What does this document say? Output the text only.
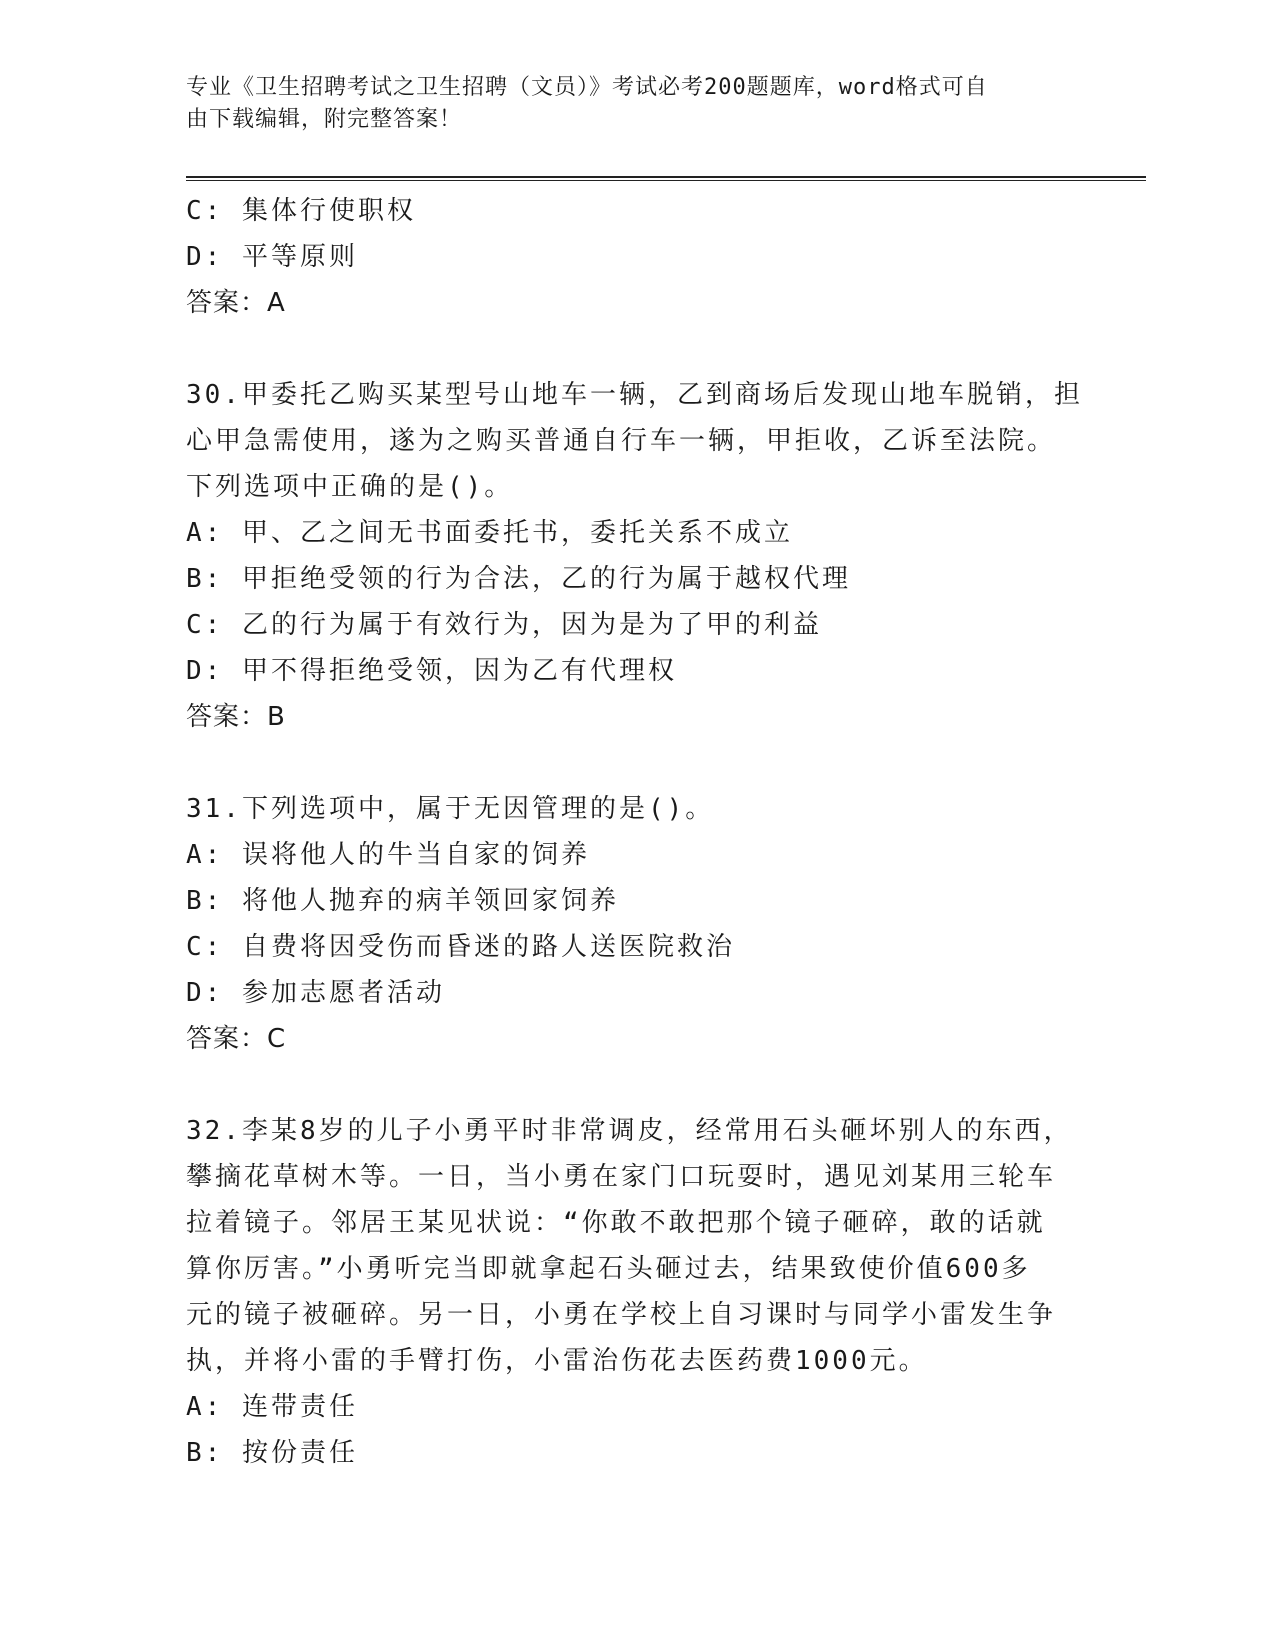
专业《卫生招聘考试之卫生招聘（文员）》考试必考200题题库，word格式可自
由下载编辑，附完整答案！
C: 集体行使职权
D: 平等原则
答案：A
30.甲委托乙购买某型号山地车一辆，乙到商场后发现山地车脱销，担
心甲急需使用，遂为之购买普通自行车一辆，甲拒收，乙诉至法院。
下列选项中正确的是()。
A: 甲、乙之间无书面委托书，委托关系不成立
B: 甲拒绝受领的行为合法，乙的行为属于越权代理
C: 乙的行为属于有效行为，因为是为了甲的利益
D: 甲不得拒绝受领，因为乙有代理权
答案：B
31.下列选项中，属于无因管理的是()。
A: 误将他人的牛当自家的饲养
B: 将他人抛弃的病羊领回家饲养
C: 自费将因受伤而昏迷的路人送医院救治
D: 参加志愿者活动
答案：C
32.李某8岁的儿子小勇平时非常调皮，经常用石头砸坏别人的东西，
攀摘花草树木等。一日，当小勇在家门口玩耍时，遇见刘某用三轮车
拉着镜子。邻居王某见状说：“你敢不敢把那个镜子砸碎，敢的话就
算你厉害。”小勇听完当即就拿起石头砸过去，结果致使价值600多
元的镜子被砸碎。另一日，小勇在学校上自习课时与同学小雷发生争
执，并将小雷的手臂打伤，小雷治伤花去医药费1000元。
A: 连带责任
B: 按份责任
